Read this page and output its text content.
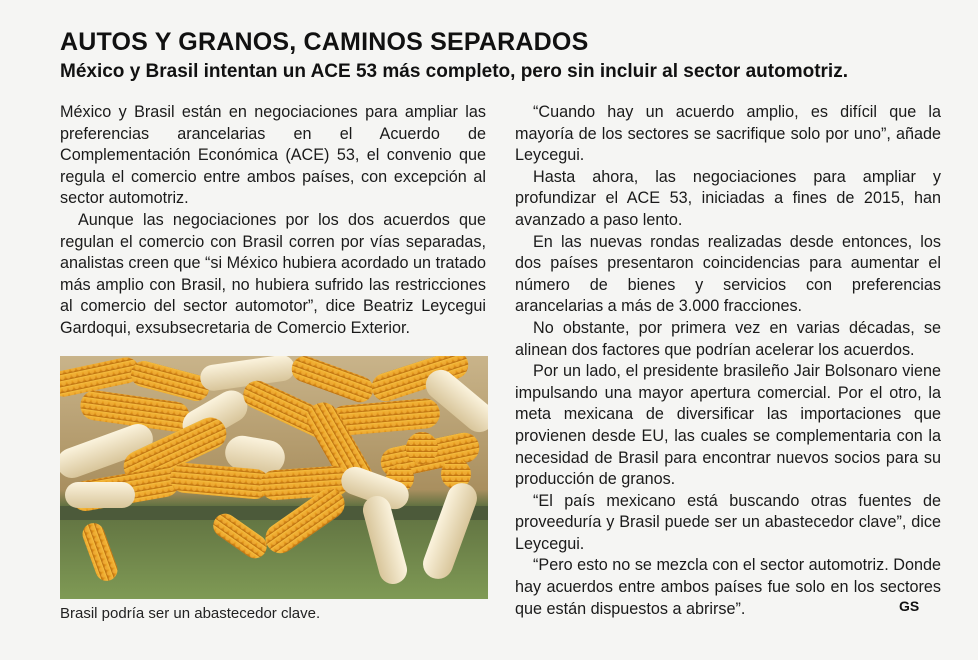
AUTOS Y GRANOS, CAMINOS SEPARADOS
México y Brasil intentan un ACE 53 más completo, pero sin incluir al sector automotriz.

México y Brasil están en negociaciones para ampliar las preferencias arancelarias en el Acuerdo de Complementación Económica (ACE) 53, el convenio que regula el comercio entre ambos países, con excepción al sector automotriz.

Aunque las negociaciones por los dos acuerdos que regulan el comercio con Brasil corren por vías separadas, analistas creen que “si México hubiera acordado un tratado más amplio con Brasil, no hubiera sufrido las restricciones al comercio del sector automotor”, dice Beatriz Leycegui Gardoqui, exsubsecretaria de Comercio Exterior.

Brasil podría ser un abastecedor clave.

“Cuando hay un acuerdo amplio, es difícil que la mayoría de los sectores se sacrifique solo por uno”, añade Leycegui.

Hasta ahora, las negociaciones para ampliar y profundizar el ACE 53, iniciadas a fines de 2015, han avanzado a paso lento.

En las nuevas rondas realizadas desde entonces, los dos países presentaron coincidencias para aumentar el número de bienes y servicios con preferencias arancelarias a más de 3.000 fracciones.

No obstante, por primera vez en varias décadas, se alinean dos factores que podrían acelerar los acuerdos.

Por un lado, el presidente brasileño Jair Bolsonaro viene impulsando una mayor apertura comercial. Por el otro, la meta mexicana de diversificar las importaciones que provienen desde EU, las cuales se complementaria con la necesidad de Brasil para encontrar nuevos socios para su producción de granos.

“El país mexicano está buscando otras fuentes de proveeduría y Brasil puede ser un abastecedor clave”, dice Leycegui.

“Pero esto no se mezcla con el sector automotriz. Donde hay acuerdos entre ambos países fue solo en los sectores que están dispuestos a abrirse”.	GS
